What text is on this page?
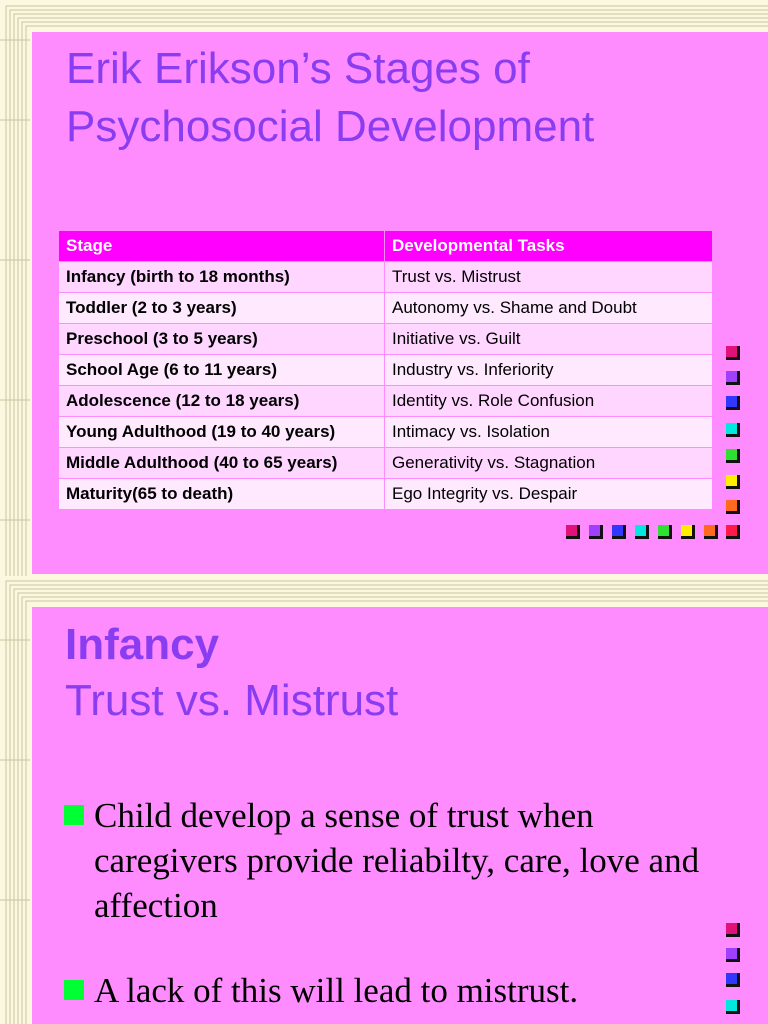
Erik Erikson’s Stages of
Psychosocial Development
Stage	Developmental Tasks
Infancy (birth to 18 months)	Trust vs. Mistrust
Toddler (2 to 3 years)	Autonomy vs. Shame and Doubt
Preschool (3 to 5 years)	Initiative vs. Guilt
School Age (6 to 11 years)	Industry vs. Inferiority
Adolescence (12 to 18 years)	Identity vs. Role Confusion
Young Adulthood (19 to 40 years)	Intimacy vs. Isolation
Middle Adulthood (40 to 65 years)	Generativity vs. Stagnation
Maturity(65 to death)	Ego Integrity vs. Despair
Infancy
Trust vs. Mistrust
Child develop a sense of trust when caregivers provide reliabilty, care, love and affection
A lack of this will lead to mistrust.
